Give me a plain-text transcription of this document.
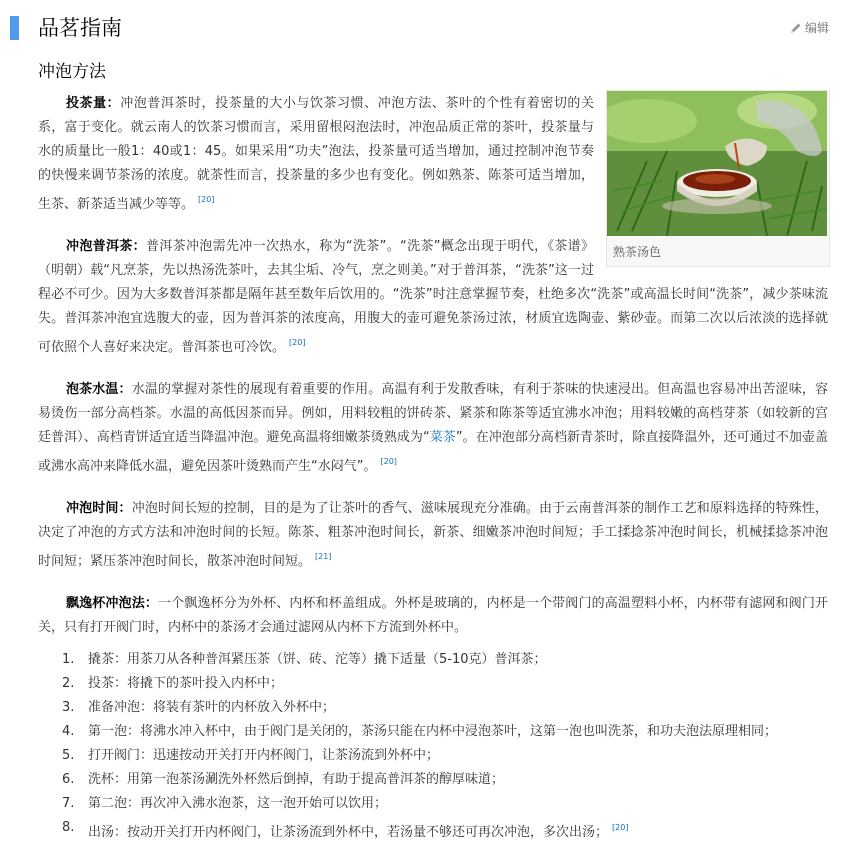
品茗指南	编辑
冲泡方法
熟茶汤色

投茶量：冲泡普洱茶时，投茶量的大小与饮茶习惯、冲泡方法、茶叶的个性有着密切的关系，富于变化。就云南人的饮茶习惯而言，采用留根闷泡法时，冲泡品质正常的茶叶，投茶量与水的质量比一般1：40或1：45。如果采用“功夫”泡法，投茶量可适当增加，通过控制冲泡节奏的快慢来调节茶汤的浓度。就茶性而言，投茶量的多少也有变化。例如熟茶、陈茶可适当增加，生茶、新茶适当减少等等。 [20]

冲泡普洱茶：普洱茶冲泡需先冲一次热水，称为“洗茶”。“洗茶”概念出现于明代，《茶谱》（明朝）载“凡烹茶，先以热汤洗茶叶，去其尘垢、冷气，烹之则美。”对于普洱茶，“洗茶”这一过程必不可少。因为大多数普洱茶都是隔年甚至数年后饮用的。“洗茶”时注意掌握节奏，杜绝多次“洗茶”或高温长时间“洗茶”，减少茶味流失。普洱茶冲泡宜选腹大的壶，因为普洱茶的浓度高，用腹大的壶可避免茶汤过浓，材质宜选陶壶、紫砂壶。而第二次以后浓淡的选择就可依照个人喜好来决定。普洱茶也可冷饮。 [20]

泡茶水温：水温的掌握对茶性的展现有着重要的作用。高温有利于发散香味，有利于茶味的快速浸出。但高温也容易冲出苦涩味，容易烫伤一部分高档茶。水温的高低因茶而异。例如，用料较粗的饼砖茶、紧茶和陈茶等适宜沸水冲泡；用料较嫩的高档芽茶（如较新的宫廷普洱）、高档青饼适宜适当降温冲泡。避免高温将细嫩茶烫熟成为“菜茶”。在冲泡部分高档新青茶时，除直接降温外，还可通过不加壶盖或沸水高冲来降低水温，避免因茶叶烫熟而产生“水闷气”。 [20]

冲泡时间：冲泡时间长短的控制，目的是为了让茶叶的香气、滋味展现充分准确。由于云南普洱茶的制作工艺和原料选择的特殊性，决定了冲泡的方式方法和冲泡时间的长短。陈茶、粗茶冲泡时间长，新茶、细嫩茶冲泡时间短；手工揉捻茶冲泡时间长，机械揉捻茶冲泡时间短；紧压茶冲泡时间长，散茶冲泡时间短。 [21]

飘逸杯冲泡法：一个飘逸杯分为外杯、内杯和杯盖组成。外杯是玻璃的，内杯是一个带阀门的高温塑料小杯，内杯带有滤网和阀门开关，只有打开阀门时，内杯中的茶汤才会通过滤网从内杯下方流到外杯中。

1.	撬茶：用茶刀从各种普洱紧压茶（饼、砖、沱等）撬下适量（5-10克）普洱茶；
2.	投茶：将撬下的茶叶投入内杯中；
3.	准备冲泡：将装有茶叶的内杯放入外杯中；
4.	第一泡：将沸水冲入杯中，由于阀门是关闭的，茶汤只能在内杯中浸泡茶叶，这第一泡也叫洗茶，和功夫泡法原理相同；
5.	打开阀门：迅速按动开关打开内杯阀门，让茶汤流到外杯中；
6.	洗杯：用第一泡茶汤涮洗外杯然后倒掉，有助于提高普洱茶的醇厚味道；
7.	第二泡：再次冲入沸水泡茶，这一泡开始可以饮用；
8.	出汤：按动开关打开内杯阀门，让茶汤流到外杯中，若汤量不够还可再次冲泡，多次出汤； [20]
